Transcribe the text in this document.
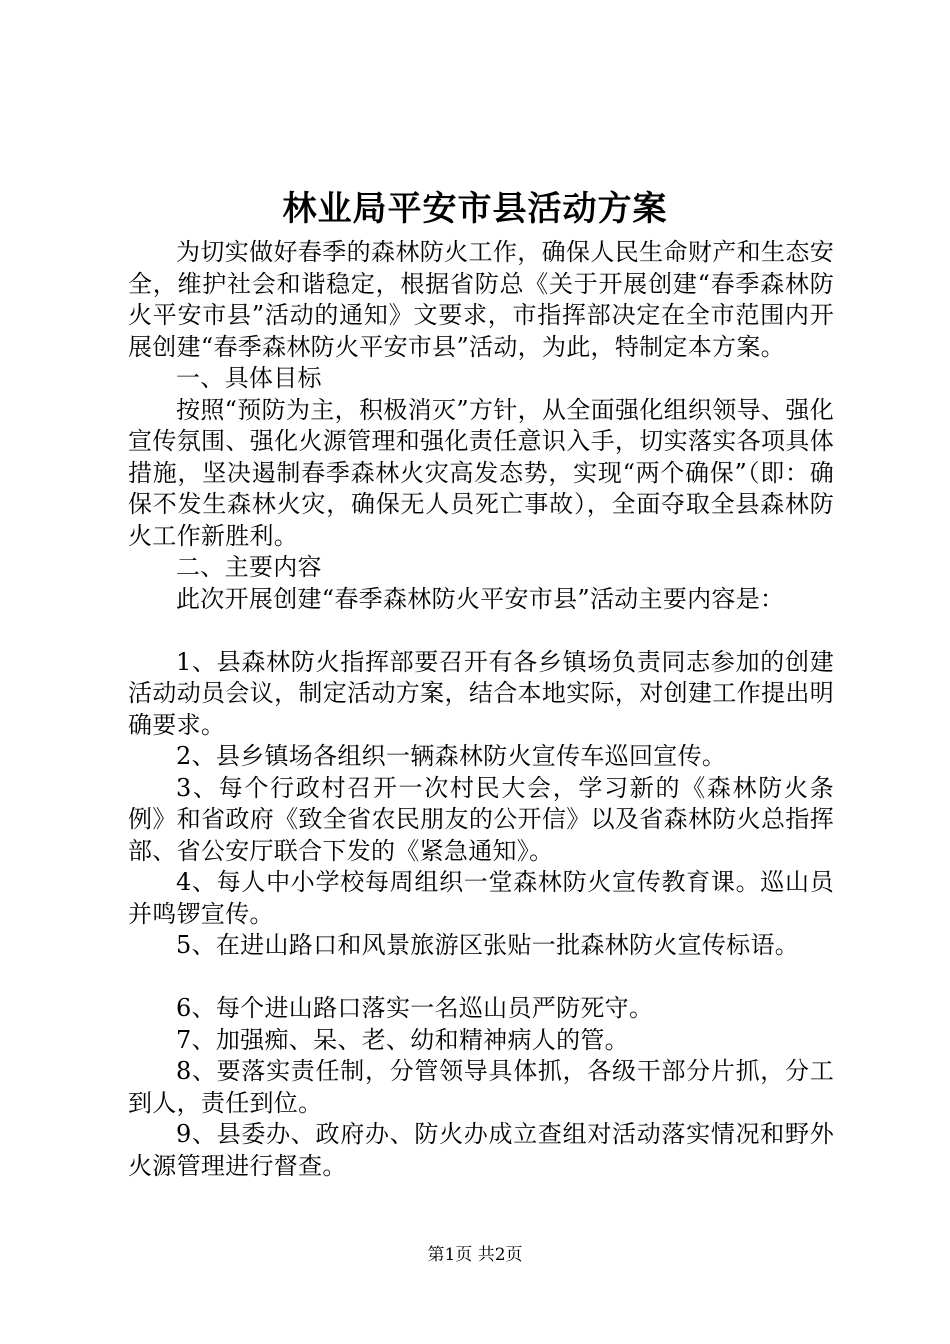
林业局平安市县活动方案

为切实做好春季的森林防火工作，确保人民生命财产和生态安全，维护社会和谐稳定，根据省防总《关于开展创建“春季森林防火平安市县”活动的通知》文要求，市指挥部决定在全市范围内开展创建“春季森林防火平安市县”活动，为此，特制定本方案。

一、具体目标

按照“预防为主，积极消灭”方针，从全面强化组织领导、强化宣传氛围、强化火源管理和强化责任意识入手，切实落实各项具体措施，坚决遏制春季森林火灾高发态势，实现“两个确保”（即：确保不发生森林火灾，确保无人员死亡事故），全面夺取全县森林防火工作新胜利。

二、主要内容

此次开展创建“春季森林防火平安市县”活动主要内容是：

1、县森林防火指挥部要召开有各乡镇场负责同志参加的创建活动动员会议，制定活动方案，结合本地实际，对创建工作提出明确要求。

2、县乡镇场各组织一辆森林防火宣传车巡回宣传。

3、每个行政村召开一次村民大会，学习新的《森林防火条例》和省政府《致全省农民朋友的公开信》以及省森林防火总指挥部、省公安厅联合下发的《紧急通知》。

4、每人中小学校每周组织一堂森林防火宣传教育课。巡山员并鸣锣宣传。

5、在进山路口和风景旅游区张贴一批森林防火宣传标语。

6、每个进山路口落实一名巡山员严防死守。

7、加强痴、呆、老、幼和精神病人的管。

8、要落实责任制，分管领导具体抓，各级干部分片抓，分工到人，责任到位。

9、县委办、政府办、防火办成立查组对活动落实情况和野外火源管理进行督查。

第1页 共2页
